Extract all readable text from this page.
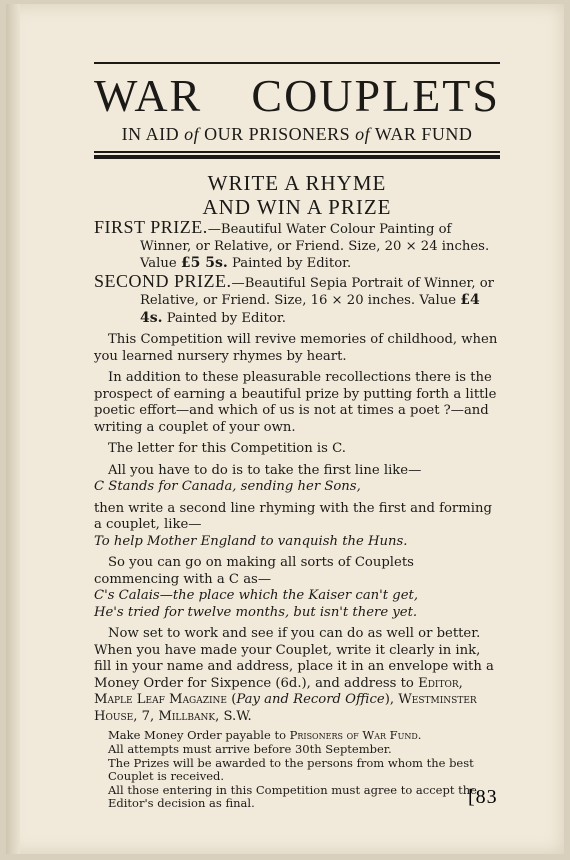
WAR COUPLETS
IN AID of OUR PRISONERS of WAR FUND
WRITE A RHYME
AND WIN A PRIZE

FIRST PRIZE.—Beautiful Water Colour Painting of Winner, or Relative, or Friend. Size, 20 × 24 inches. Value £5 5s. Painted by Editor.

SECOND PRIZE.—Beautiful Sepia Portrait of Winner, or Relative, or Friend. Size, 16 × 20 inches. Value £4 4s. Painted by Editor.

This Competition will revive memories of childhood, when you learned nursery rhymes by heart.

In addition to these pleasurable recollections there is the prospect of earning a beautiful prize by putting forth a little poetic effort—and which of us is not at times a poet ?—and writing a couplet of your own.

The letter for this Competition is C.

All you have to do is to take the first line like—

C Stands for Canada, sending her Sons,

then write a second line rhyming with the first and forming a couplet, like—

To help Mother England to vanquish the Huns.

So you can go on making all sorts of Couplets commencing with a C as—

C's Calais—the place which the Kaiser can't get,

He's tried for twelve months, but isn't there yet.

Now set to work and see if you can do as well or better. When you have made your Couplet, write it clearly in ink, fill in your name and address, place it in an envelope with a Money Order for Sixpence (6d.), and address to Editor, Maple Leaf Magazine (Pay and Record Office), Westminster House, 7, Millbank, S.W.

Make Money Order payable to Prisoners of War Fund.

All attempts must arrive before 30th September.

The Prizes will be awarded to the persons from whom the best Couplet is received.

All those entering in this Competition must agree to accept the Editor's decision as final.	[83
